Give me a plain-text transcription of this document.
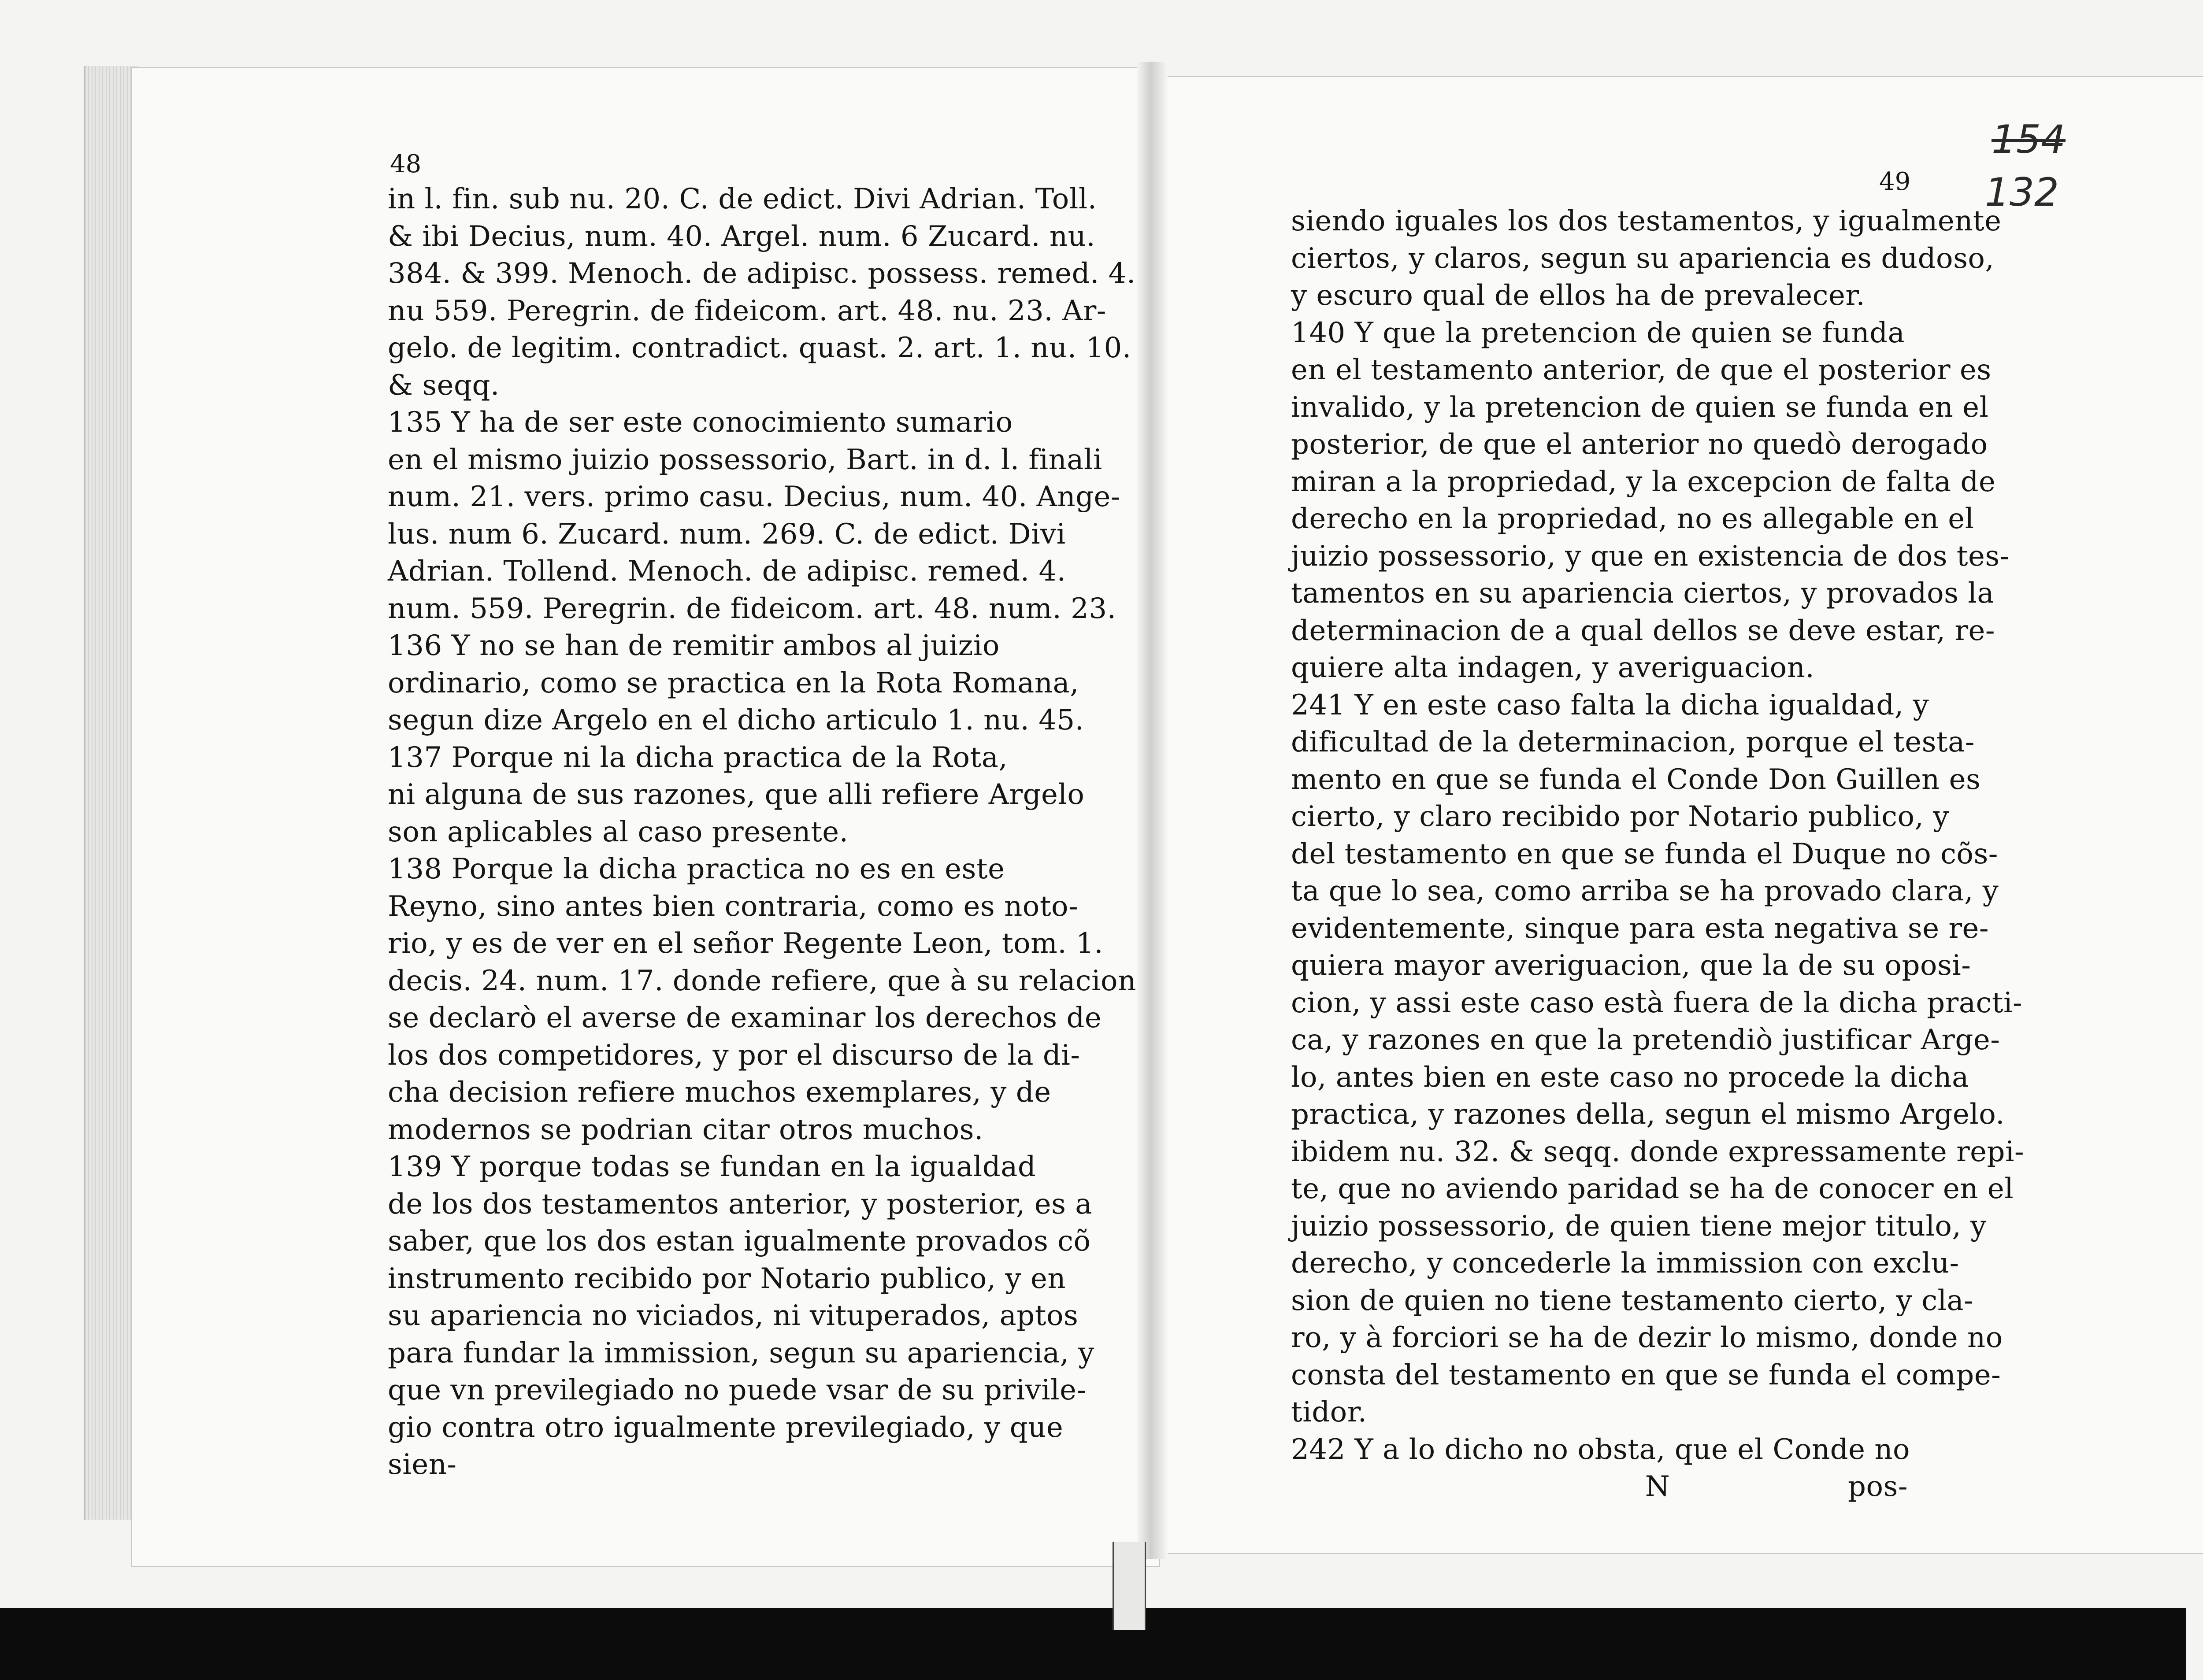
48
49
154
132
in l. fin. sub nu. 20. C. de edict. Divi Adrian. Toll.
& ibi Decius, num. 40. Argel. num. 6 Zucard. nu.
384. & 399. Menoch. de adipisc. possess. remed. 4.
nu 559. Peregrin. de fideicom. art. 48. nu. 23. Ar-
gelo. de legitim. contradict. quast. 2. art. 1. nu. 10.
& seqq.
135 Y ha de ser este conocimiento sumario
en el mismo juizio possessorio, Bart. in d. l. finali
num. 21. vers. primo casu. Decius, num. 40. Ange-
lus. num 6. Zucard. num. 269. C. de edict. Divi
Adrian. Tollend. Menoch. de adipisc. remed. 4.
num. 559. Peregrin. de fideicom. art. 48. num. 23.
136 Y no se han de remitir ambos al juizio
ordinario, como se practica en la Rota Romana,
segun dize Argelo en el dicho articulo 1. nu. 45.
137 Porque ni la dicha practica de la Rota,
ni alguna de sus razones, que alli refiere Argelo
son aplicables al caso presente.
138 Porque la dicha practica no es en este
Reyno, sino antes bien contraria, como es noto-
rio, y es de ver en el señor Regente Leon, tom. 1.
decis. 24. num. 17. donde refiere, que à su relacion
se declarò el averse de examinar los derechos de
los dos competidores, y por el discurso de la di-
cha decision refiere muchos exemplares, y de
modernos se podrian citar otros muchos.
139 Y porque todas se fundan en la igualdad
de los dos testamentos anterior, y posterior, es a
saber, que los dos estan igualmente provados cõ
instrumento recibido por Notario publico, y en
su apariencia no viciados, ni vituperados, aptos
para fundar la immission, segun su apariencia, y
que vn previlegiado no puede vsar de su privile-
gio contra otro igualmente previlegiado, y que
sien-
siendo iguales los dos testamentos, y igualmente
ciertos, y claros, segun su apariencia es dudoso,
y escuro qual de ellos ha de prevalecer.
140 Y que la pretencion de quien se funda
en el testamento anterior, de que el posterior es
invalido, y la pretencion de quien se funda en el
posterior, de que el anterior no quedò derogado
miran a la propriedad, y la excepcion de falta de
derecho en la propriedad, no es allegable en el
juizio possessorio, y que en existencia de dos tes-
tamentos en su apariencia ciertos, y provados la
determinacion de a qual dellos se deve estar, re-
quiere alta indagen, y averiguacion.
241 Y en este caso falta la dicha igualdad, y
dificultad de la determinacion, porque el testa-
mento en que se funda el Conde Don Guillen es
cierto, y claro recibido por Notario publico, y
del testamento en que se funda el Duque no cõs-
ta que lo sea, como arriba se ha provado clara, y
evidentemente, sinque para esta negativa se re-
quiera mayor averiguacion, que la de su oposi-
cion, y assi este caso està fuera de la dicha practi-
ca, y razones en que la pretendiò justificar Arge-
lo, antes bien en este caso no procede la dicha
practica, y razones della, segun el mismo Argelo.
ibidem nu. 32. & seqq. donde expressamente repi-
te, que no aviendo paridad se ha de conocer en el
juizio possessorio, de quien tiene mejor titulo, y
derecho, y concederle la immission con exclu-
sion de quien no tiene testamento cierto, y cla-
ro, y à forciori se ha de dezir lo mismo, donde no
consta del testamento en que se funda el compe-
tidor.
242 Y a lo dicho no obsta, que el Conde no
N	pos-
